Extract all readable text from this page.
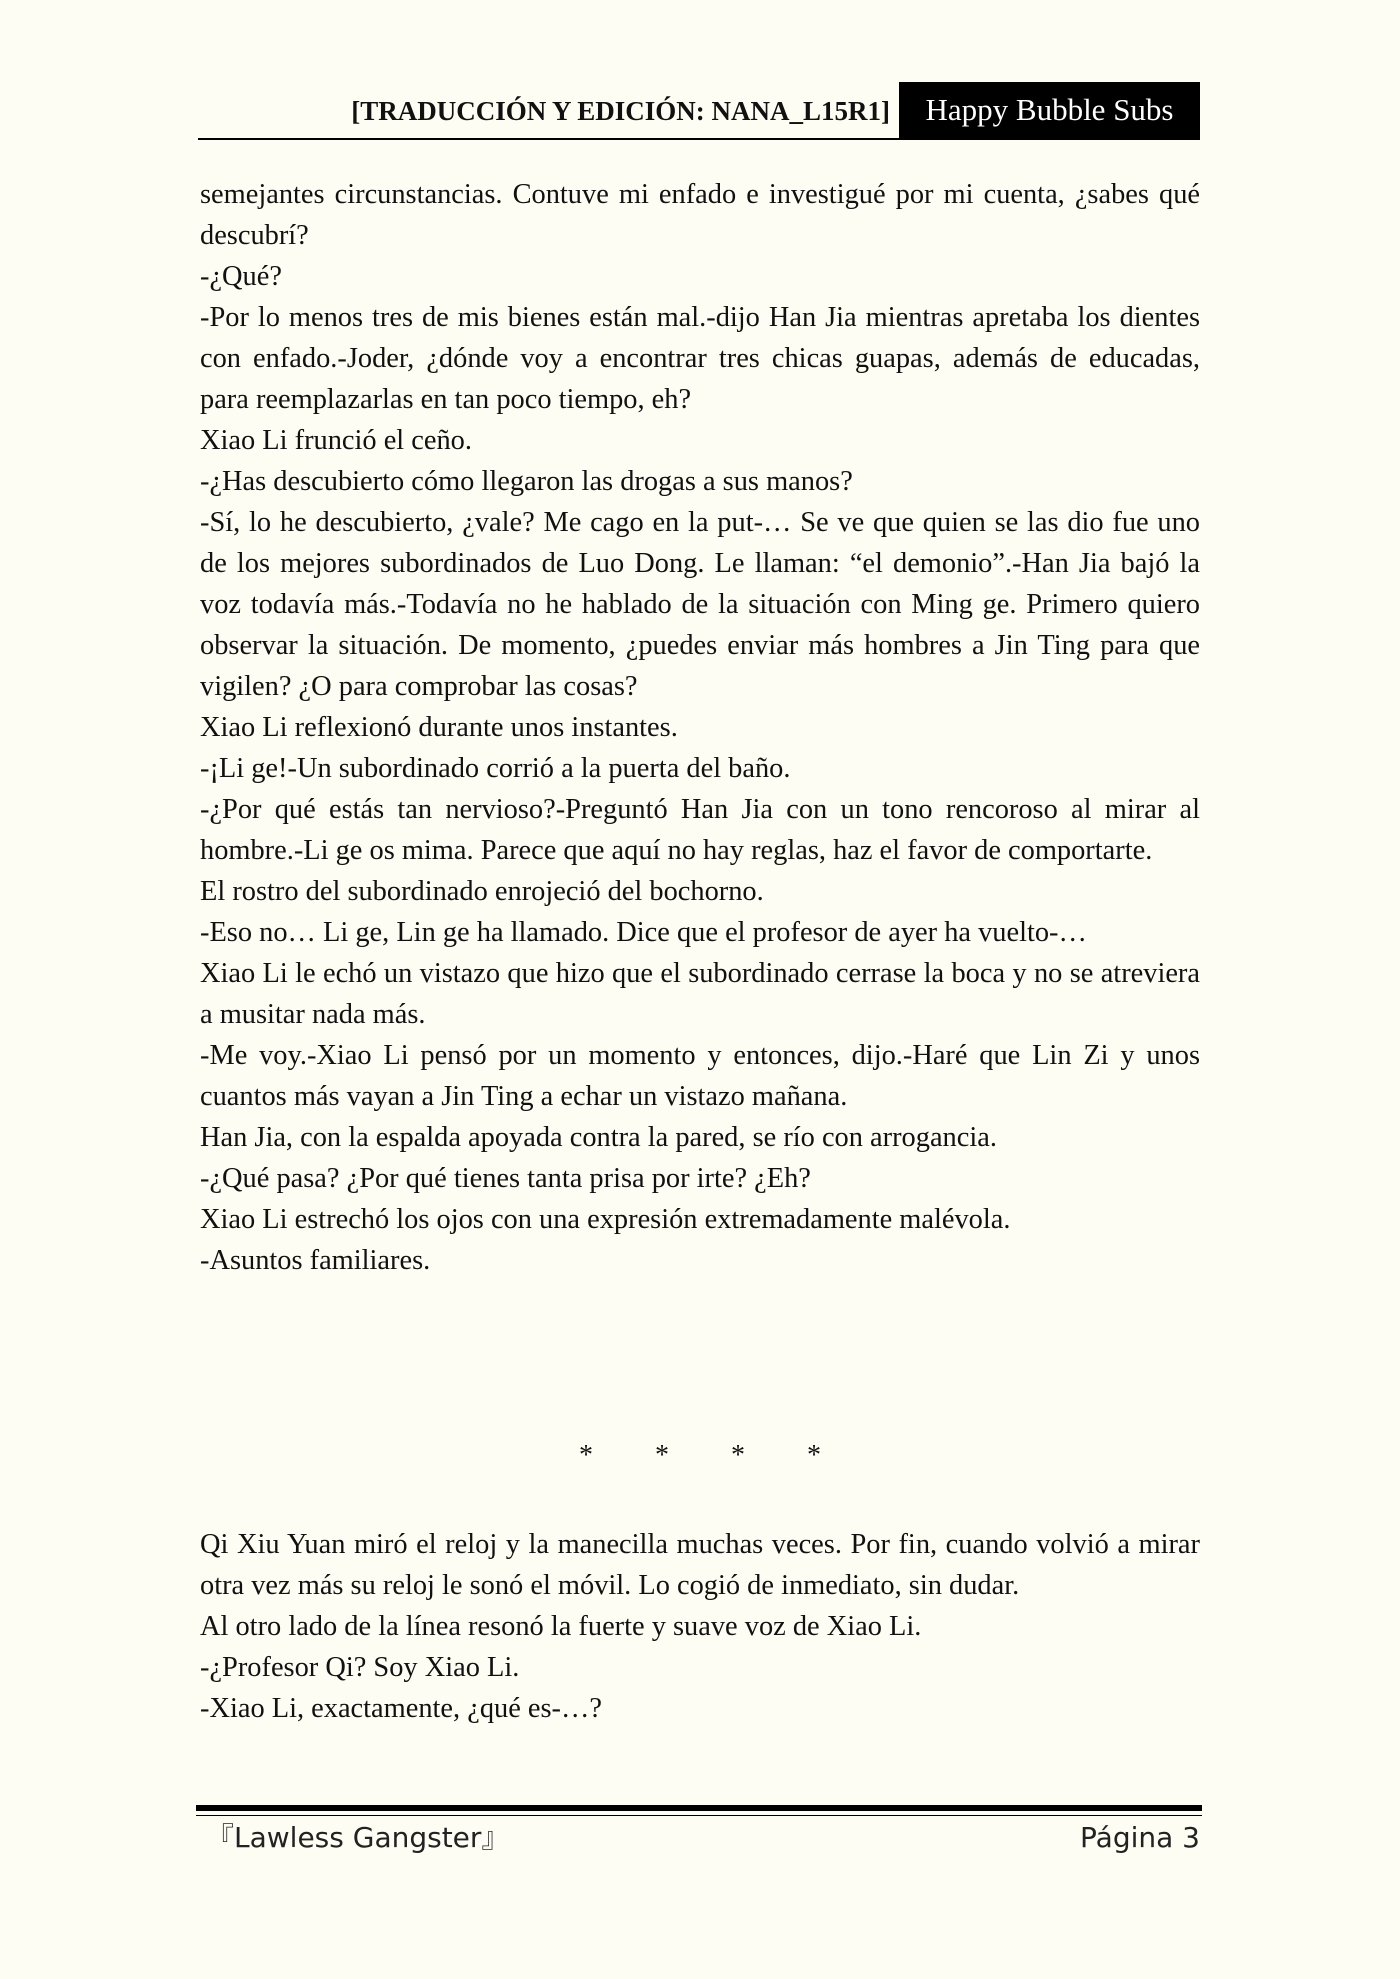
[TRADUCCIÓN Y EDICIÓN: NANA_L15R1]	Happy Bubble Subs

semejantes circunstancias. Contuve mi enfado e investigué por mi cuenta, ¿sabes qué descubrí?

-¿Qué?

-Por lo menos tres de mis bienes están mal.-dijo Han Jia mientras apretaba los dientes con enfado.-Joder, ¿dónde voy a encontrar tres chicas guapas, además de educadas, para reemplazarlas en tan poco tiempo, eh?

Xiao Li frunció el ceño.

-¿Has descubierto cómo llegaron las drogas a sus manos?

-Sí, lo he descubierto, ¿vale? Me cago en la put-… Se ve que quien se las dio fue uno de los mejores subordinados de Luo Dong. Le llaman: “el demonio”.-Han Jia bajó la voz todavía más.-Todavía no he hablado de la situación con Ming ge. Primero quiero observar la situación. De momento, ¿puedes enviar más hombres a Jin Ting para que vigilen? ¿O para comprobar las cosas?

Xiao Li reflexionó durante unos instantes.

-¡Li ge!-Un subordinado corrió a la puerta del baño.

-¿Por qué estás tan nervioso?-Preguntó Han Jia con un tono rencoroso al mirar al hombre.-Li ge os mima. Parece que aquí no hay reglas, haz el favor de comportarte.

El rostro del subordinado enrojeció del bochorno.

-Eso no… Li ge, Lin ge ha llamado. Dice que el profesor de ayer ha vuelto-…

Xiao Li le echó un vistazo que hizo que el subordinado cerrase la boca y no se atreviera a musitar nada más.

-Me voy.-Xiao Li pensó por un momento y entonces, dijo.-Haré que Lin Zi y unos cuantos más vayan a Jin Ting a echar un vistazo mañana.

Han Jia, con la espalda apoyada contra la pared, se río con arrogancia.

-¿Qué pasa? ¿Por qué tienes tanta prisa por irte? ¿Eh?

Xiao Li estrechó los ojos con una expresión extremadamente malévola.

-Asuntos familiares.

* * * *

Qi Xiu Yuan miró el reloj y la manecilla muchas veces. Por fin, cuando volvió a mirar otra vez más su reloj le sonó el móvil. Lo cogió de inmediato, sin dudar.

Al otro lado de la línea resonó la fuerte y suave voz de Xiao Li.

-¿Profesor Qi? Soy Xiao Li.

-Xiao Li, exactamente, ¿qué es-…?

『Lawless Gangster』	Página 3
